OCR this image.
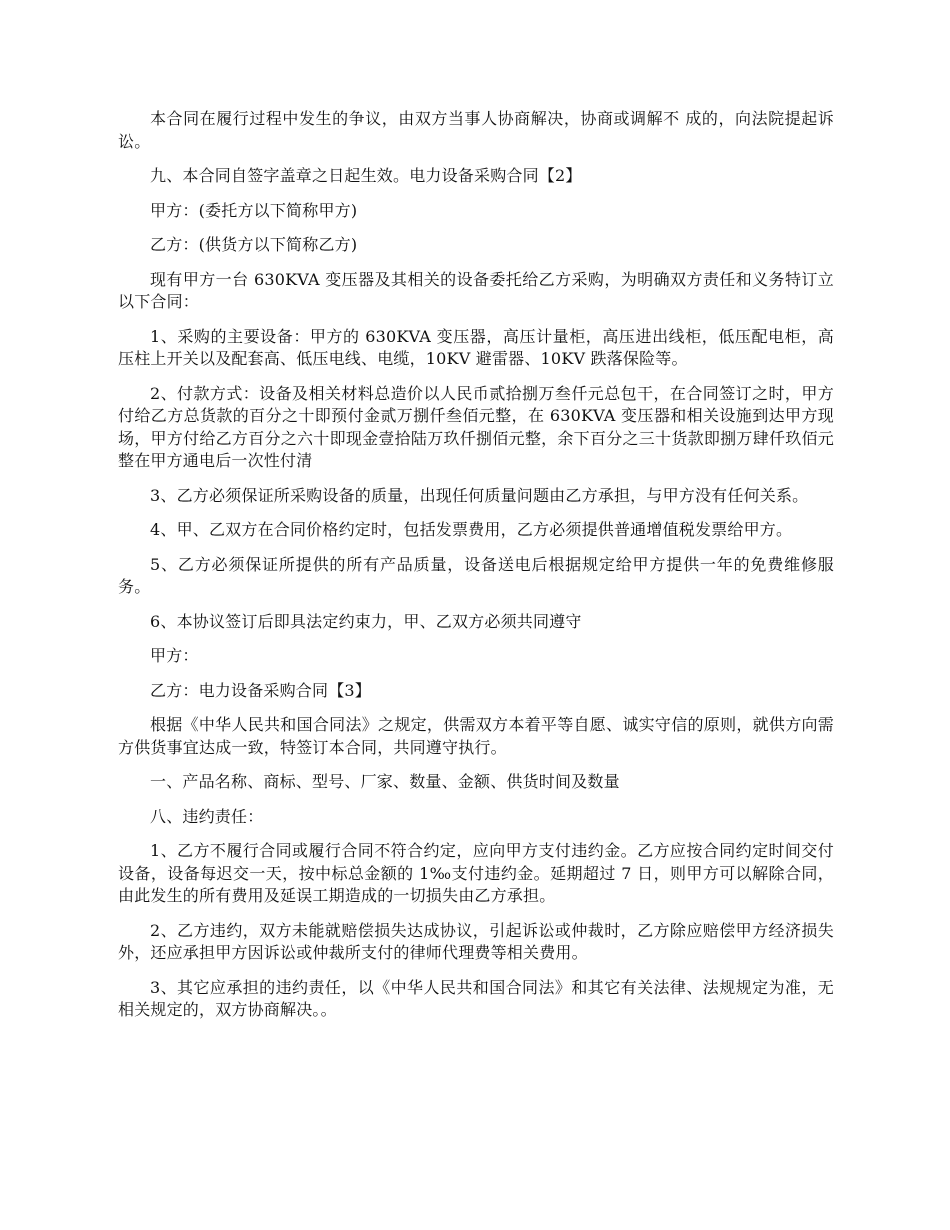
本合同在履行过程中发生的争议，由双方当事人协商解决，协商或调解不 成的，向法院提起诉讼。

九、本合同自签字盖章之日起生效。电力设备采购合同【2】

甲方：(委托方以下简称甲方)

乙方：(供货方以下简称乙方)

现有甲方一台 630KVA 变压器及其相关的设备委托给乙方采购，为明确双方责任和义务特订立以下合同：

1、采购的主要设备：甲方的 630KVA 变压器，高压计量柜，高压进出线柜，低压配电柜，高压柱上开关以及配套高、低压电线、电缆，10KV 避雷器、10KV 跌落保险等。

2、付款方式：设备及相关材料总造价以人民币贰拾捌万叁仟元总包干，在合同签订之时，甲方付给乙方总货款的百分之十即预付金贰万捌仟叁佰元整，在 630KVA 变压器和相关设施到达甲方现场，甲方付给乙方百分之六十即现金壹拾陆万玖仟捌佰元整，余下百分之三十货款即捌万肆仟玖佰元整在甲方通电后一次性付清

3、乙方必须保证所采购设备的质量，出现任何质量问题由乙方承担，与甲方没有任何关系。

4、甲、乙双方在合同价格约定时，包括发票费用，乙方必须提供普通增值税发票给甲方。

5、乙方必须保证所提供的所有产品质量，设备送电后根据规定给甲方提供一年的免费维修服务。

6、本协议签订后即具法定约束力，甲、乙双方必须共同遵守

甲方：

乙方：电力设备采购合同【3】

根据《中华人民共和国合同法》之规定，供需双方本着平等自愿、诚实守信的原则，就供方向需方供货事宜达成一致，特签订本合同，共同遵守执行。

一、产品名称、商标、型号、厂家、数量、金额、供货时间及数量

八、违约责任：

1、乙方不履行合同或履行合同不符合约定，应向甲方支付违约金。乙方应按合同约定时间交付设备，设备每迟交一天，按中标总金额的 1‰支付违约金。延期超过 7 日，则甲方可以解除合同，由此发生的所有费用及延误工期造成的一切损失由乙方承担。

2、乙方违约，双方未能就赔偿损失达成协议，引起诉讼或仲裁时，乙方除应赔偿甲方经济损失外，还应承担甲方因诉讼或仲裁所支付的律师代理费等相关费用。

3、其它应承担的违约责任，以《中华人民共和国合同法》和其它有关法律、法规规定为准，无相关规定的，双方协商解决。。
